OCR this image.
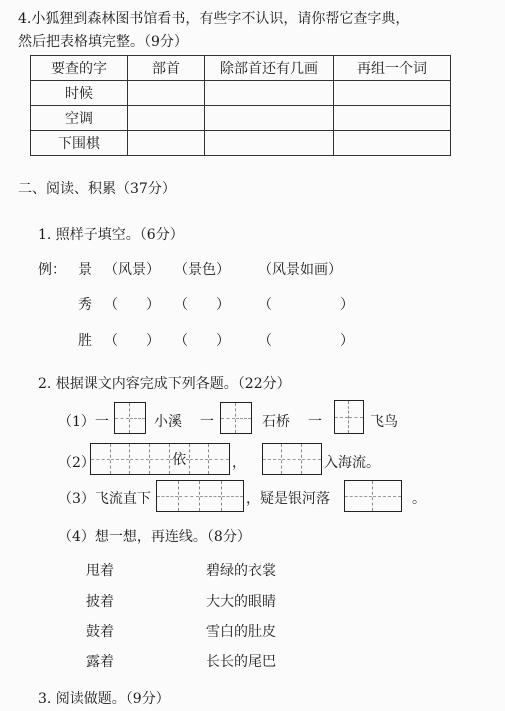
4.小狐狸到森林图书馆看书，有些字不认识，请你帮它查字典，
然后把表格填完整。（9分）
要查的字	部首	除部首还有几画	再组一个词
时候			
空调			
下围棋			
二、阅读、积累（37分）
1. 照样子填空。（6分）
例： 景 （风景） （景色） （风景如画）
秀 （ ） （ ） （	）
胜 （ ） （ ） （	）
2. 根据课文内容完成下列各题。（22分）
（1）一	小溪 一	石桥 一	飞鸟
（2）	依	，	入海流。
（3）飞流直下	，疑是银河落	。
（4）想一想，再连线。（8分）
甩着
披着
鼓着
露着
碧绿的衣裳
大大的眼睛
雪白的肚皮
长长的尾巴
3. 阅读做题。（9分）
